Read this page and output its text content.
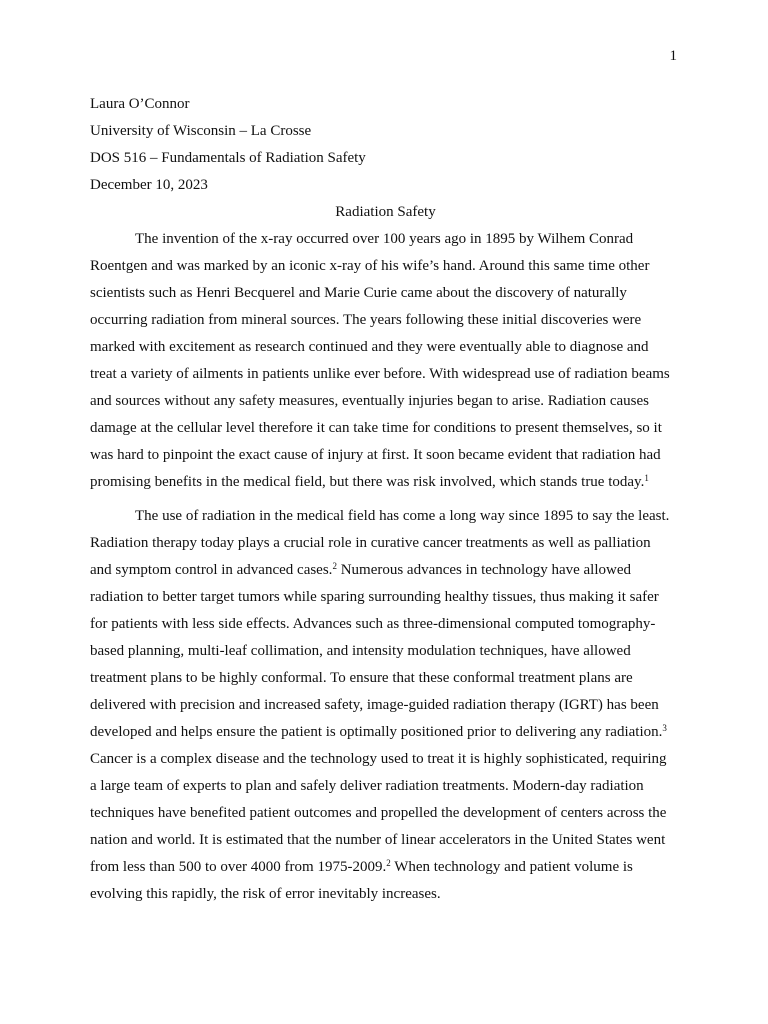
1
Laura O’Connor
University of Wisconsin – La Crosse
DOS 516 – Fundamentals of Radiation Safety
December 10, 2023
Radiation Safety
The invention of the x-ray occurred over 100 years ago in 1895 by Wilhem Conrad
Roentgen and was marked by an iconic x-ray of his wife’s hand. Around this same time other
scientists such as Henri Becquerel and Marie Curie came about the discovery of naturally
occurring radiation from mineral sources. The years following these initial discoveries were
marked with excitement as research continued and they were eventually able to diagnose and
treat a variety of ailments in patients unlike ever before. With widespread use of radiation beams
and sources without any safety measures, eventually injuries began to arise. Radiation causes
damage at the cellular level therefore it can take time for conditions to present themselves, so it
was hard to pinpoint the exact cause of injury at first. It soon became evident that radiation had
promising benefits in the medical field, but there was risk involved, which stands true today.$^1$
The use of radiation in the medical field has come a long way since 1895 to say the least.
Radiation therapy today plays a crucial role in curative cancer treatments as well as palliation
and symptom control in advanced cases.$^2$ Numerous advances in technology have allowed
radiation to better target tumors while sparing surrounding healthy tissues, thus making it safer
for patients with less side effects. Advances such as three-dimensional computed tomography-
based planning, multi-leaf collimation, and intensity modulation techniques, have allowed
treatment plans to be highly conformal. To ensure that these conformal treatment plans are
delivered with precision and increased safety, image-guided radiation therapy (IGRT) has been
developed and helps ensure the patient is optimally positioned prior to delivering any radiation.$^3$
Cancer is a complex disease and the technology used to treat it is highly sophisticated, requiring
a large team of experts to plan and safely deliver radiation treatments. Modern-day radiation
techniques have benefited patient outcomes and propelled the development of centers across the
nation and world. It is estimated that the number of linear accelerators in the United States went
from less than 500 to over 4000 from 1975-2009.$^2$ When technology and patient volume is
evolving this rapidly, the risk of error inevitably increases.
